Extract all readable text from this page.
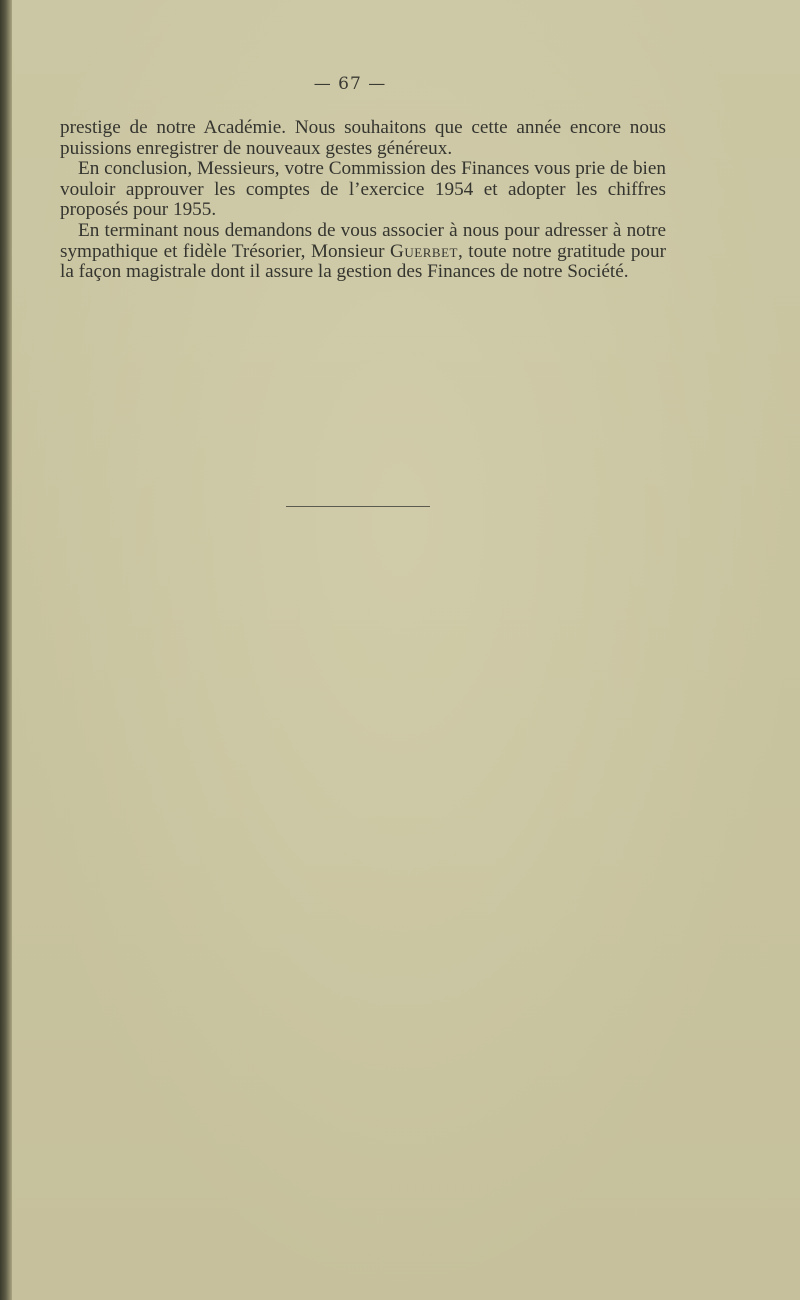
— 67 —

prestige de notre Académie. Nous souhaitons que cette année encore nous puissions enregistrer de nouveaux gestes généreux.

En conclusion, Messieurs, votre Commission des Finances vous prie de bien vouloir approuver les comptes de l’exercice 1954 et adopter les chiffres proposés pour 1955.

En terminant nous demandons de vous associer à nous pour adresser à notre sympathique et fidèle Trésorier, Monsieur Guerbet, toute notre gratitude pour la façon magistrale dont il assure la gestion des Finances de notre Société.
